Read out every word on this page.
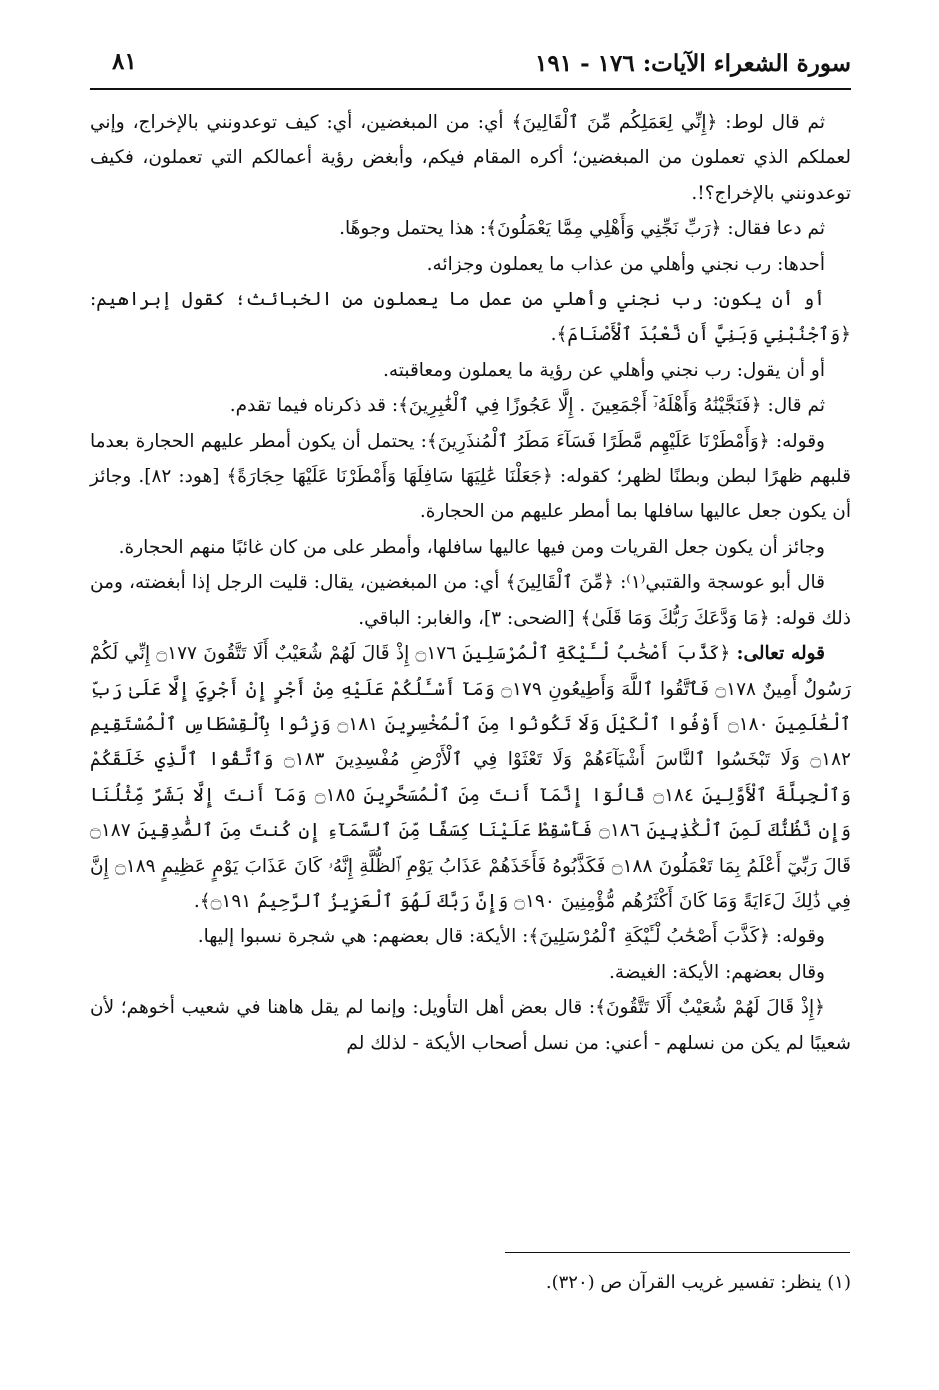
سورة الشعراء الآيات: ١٧٦ - ١٩١
٨١

ثم قال لوط: ﴿إِنِّي لِعَمَلِكُم مِّنَ ٱلْقَالِينَ﴾ أي: من المبغضين، أي: كيف توعدونني بالإخراج، وإني لعملكم الذي تعملون من المبغضين؛ أكره المقام فيكم، وأبغض رؤية أعمالكم التي تعملون، فكيف توعدونني بالإخراج؟!.

ثم دعا فقال: ﴿رَبِّ نَجِّنِي وَأَهْلِي مِمَّا يَعْمَلُونَ﴾: هذا يحتمل وجوهًا.

أحدها: رب نجني وأهلي من عذاب ما يعملون وجزائه.

أو أن يكون: رب نجني وأهلي من عمل ما يعملون من الخبائث؛ كقول إبراهيم: ﴿وَٱجْنُبْنِي وَبَنِيَّ أَن نَّعْبُدَ ٱلْأَصْنَامَ﴾.

أو أن يقول: رب نجني وأهلي عن رؤية ما يعملون ومعاقبته.

ثم قال: ﴿فَنَجَّيْنَٰهُ وَأَهْلَهُۥٓ أَجْمَعِينَ . إِلَّا عَجُوزًا فِي ٱلْغَٰبِرِينَ﴾: قد ذكرناه فيما تقدم.

وقوله: ﴿وَأَمْطَرْنَا عَلَيْهِم مَّطَرًا فَسَآءَ مَطَرُ ٱلْمُنذَرِينَ﴾: يحتمل أن يكون أمطر عليهم الحجارة بعدما قلبهم ظهرًا لبطن وبطنًا لظهر؛ كقوله: ﴿جَعَلْنَا عَٰلِيَهَا سَافِلَهَا وَأَمْطَرْنَا عَلَيْهَا حِجَارَةً﴾ [هود: ٨٢]. وجائز أن يكون جعل عاليها سافلها بما أمطر عليهم من الحجارة.

وجائز أن يكون جعل القريات ومن فيها عاليها سافلها، وأمطر على من كان غائبًا منهم الحجارة.

قال أبو عوسجة والقتبي⁽١⁾: ﴿مِّنَ ٱلْقَالِينَ﴾ أي: من المبغضين، يقال: قليت الرجل إذا أبغضته، ومن ذلك قوله: ﴿مَا وَدَّعَكَ رَبُّكَ وَمَا قَلَىٰ﴾ [الضحى: ٣]، والغابر: الباقي.

قوله تعالى: ﴿كَذَّبَ أَصْحَٰبُ لْـَٔيْكَةِ ٱلْمُرْسَلِينَ ۝١٧٦ إِذْ قَالَ لَهُمْ شُعَيْبٌ أَلَا تَتَّقُونَ ۝١٧٧ إِنِّي لَكُمْ رَسُولٌ أَمِينٌ ۝١٧٨ فَٱتَّقُوا ٱللَّهَ وَأَطِيعُونِ ۝١٧٩ وَمَآ أَسْـَٔلُكُمْ عَلَيْهِ مِنْ أَجْرٍ إِنْ أَجْرِيَ إِلَّا عَلَىٰ رَبِّ ٱلْعَٰلَمِينَ ۝١٨٠ أَوْفُوا ٱلْكَيْلَ وَلَا تَكُونُوا مِنَ ٱلْمُخْسِرِينَ ۝١٨١ وَزِنُوا بِٱلْقِسْطَاسِ ٱلْمُسْتَقِيمِ ۝١٨٢ وَلَا تَبْخَسُوا ٱلنَّاسَ أَشْيَآءَهُمْ وَلَا تَعْثَوْا فِي ٱلْأَرْضِ مُفْسِدِينَ ۝١٨٣ وَٱتَّقُوا ٱلَّذِي خَلَقَكُمْ وَٱلْجِبِلَّةَ ٱلْأَوَّلِينَ ۝١٨٤ قَالُوٓا إِنَّمَآ أَنتَ مِنَ ٱلْمُسَحَّرِينَ ۝١٨٥ وَمَآ أَنتَ إِلَّا بَشَرٌ مِّثْلُنَا وَإِن نَّظُنُّكَ لَمِنَ ٱلْكَٰذِبِينَ ۝١٨٦ فَأَسْقِطْ عَلَيْنَا كِسَفًا مِّنَ ٱلسَّمَآءِ إِن كُنتَ مِنَ ٱلصَّٰدِقِينَ ۝١٨٧ قَالَ رَبِّيٓ أَعْلَمُ بِمَا تَعْمَلُونَ ۝١٨٨ فَكَذَّبُوهُ فَأَخَذَهُمْ عَذَابُ يَوْمِ ٱلظُّلَّةِ إِنَّهُۥ كَانَ عَذَابَ يَوْمٍ عَظِيمٍ ۝١٨٩ إِنَّ فِي ذَٰلِكَ لَءَايَةً وَمَا كَانَ أَكْثَرُهُم مُّؤْمِنِينَ ۝١٩٠ وَإِنَّ رَبَّكَ لَهُوَ ٱلْعَزِيزُ ٱلرَّحِيمُ ۝١٩١﴾.

وقوله: ﴿كَذَّبَ أَصْحَٰبُ لْـَٔيْكَةِ ٱلْمُرْسَلِينَ﴾: الأيكة: قال بعضهم: هي شجرة نسبوا إليها.

وقال بعضهم: الأيكة: الغيضة.

﴿إِذْ قَالَ لَهُمْ شُعَيْبٌ أَلَا تَتَّقُونَ﴾: قال بعض أهل التأويل: وإنما لم يقل هاهنا في شعيب أخوهم؛ لأن شعيبًا لم يكن من نسلهم - أعني: من نسل أصحاب الأيكة - لذلك لم

(١) ينظر: تفسير غريب القرآن ص (٣٢٠).
